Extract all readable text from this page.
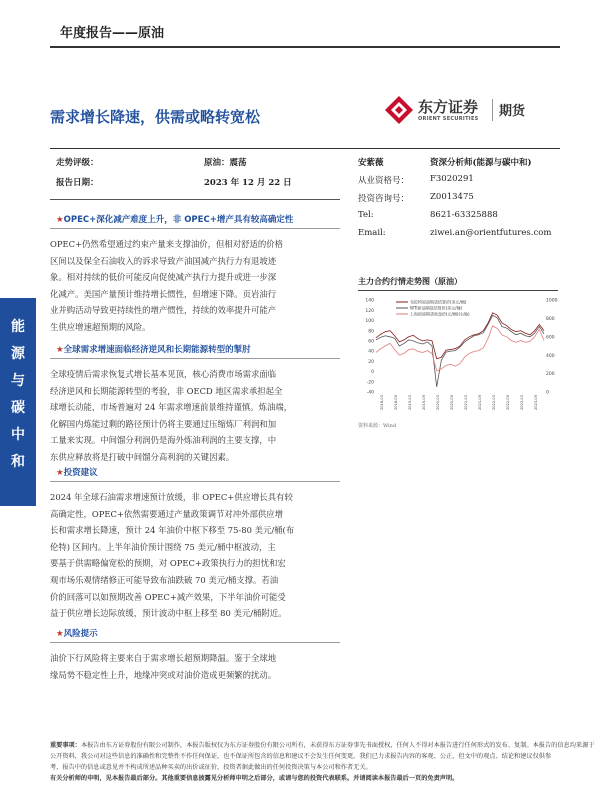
年度报告——原油
需求增长降速，供需或略转宽松
东方证券
ORIENT SECURITIES 期货
走势评级：	原油：震荡
报告日期：	2023 年 12 月 22 日
安紫薇	资深分析师(能源与碳中和)
从业资格号： F3020291
投资咨询号： Z0013475
Tel:	8621-63325888
Email:	ziwei.an@orientfutures.com
能源与碳中和
★OPEC+深化减产难度上升，非 OPEC+增产具有较高确定性
OPEC+仍然希望通过约束产量来支撑油价，但相对舒适的价格
区间以及保全石油收入的诉求导致产油国减产执行力有退坡迹
象。相对持续的低价可能反向促使减产执行力提升或进一步深
化减产。美国产量预计维持增长惯性，但增速下降。页岩油行
业并购活动导致更持续性的增产惯性，持续的效率提升可能产
生供应增速超预期的风险。
★全球需求增速面临经济逆风和长期能源转型的掣肘
全球疫情后需求恢复式增长基本见顶，核心消费市场需求面临
经济逆风和长期能源转型的考验，非 OECD 地区需求承担起全
球增长动能，市场普遍对 24 年需求增速前景维持谨慎。炼油端，
化解国内炼能过剩的路径预计仍将主要通过压缩炼厂利润和加
工量来实现。中间馏分利润仍是海外炼油利润的主要支撑，中
东供应释放将是打破中间馏分高利润的关键因素。
★投资建议
2024 年全球石油需求增速预计放缓，非 OPEC+供应增长具有较
高确定性，OPEC+依然需要通过产量政策调节对冲外部供应增
长和需求增长降速，预计 24 年油价中枢下移至 75-80 美元/桶(布
伦特) 区间内。上半年油价预计围绕 75 美元/桶中枢波动，主
要基于供需略偏宽松的预期，对 OPEC+政策执行力的担忧和宏
观市场乐观情绪修正可能导致布油跌破 70 美元/桶支撑。若油
价的回落可以如预期改善 OPEC+减产效果，下半年油价可能受
益于供应增长边际放缓，预计波动中枢上移至 80 美元/桶附近。
★风险提示
油价下行风险将主要来自于需求增长超预期降温。鉴于全球地
缘局势不稳定性上升，地缘冲突或对油价造成更频繁的扰动。
主力合约行情走势图（原油）
140
120
100
80
60
40
20
0
-20
-40
1000
800
600
400
200
0
2018-03	2018-09	2019-03	2019-09	2020-03	2020-09	2021-03	2021-09	2022-03	2022-09	2023-03	2023-09
布伦特原油期货结算价(美元/桶)
WTI原油期货结算价(美元/桶)
上海原油期货收盘价(元/桶)(右轴)
资料来源：Wind
重要事项：本报告由东方证券股份有限公司制作，本报告版权仅为东方证券股份有限公司所有，未获得东方证券事先书面授权，任何人不得对本报告进行任何形式的发布、复制。本报告的信息均来源于
公开资料，我公司对这些信息的准确性和完整性不作任何保证，也不保证所包含的信息和建议不会发生任何变更。我们已力求报告内容的客观、公正，但文中的观点、结论和建议仅供参考，报告中的信息或意见并不构成所述品种买卖的出价或征价，投资者据此做出的任何投资决策与本公司和作者无关。
有关分析师的申明，见本报告最后部分。其他重要信息披露见分析师申明之后部分，或请与您的投资代表联系。并请阅读本报告最后一页的免责声明。
